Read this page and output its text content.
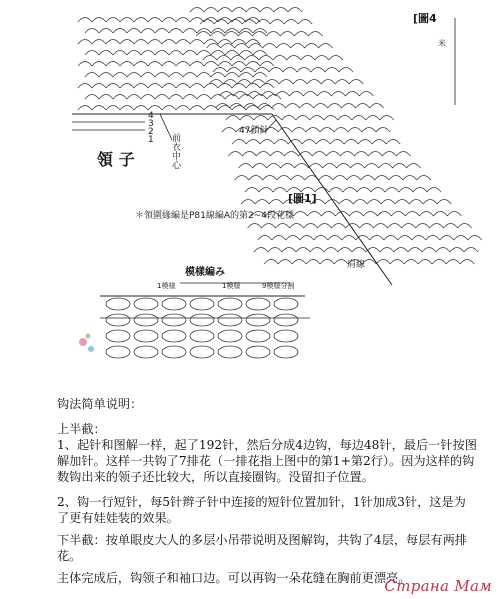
[圖4
米
領 子	前衣中心
47鎖針
4
3
2
1
[圖1]
＊領圍緣編是P81線編A的第2~4段花樣
肩線
模樣編み
1模様	1模様	9模様分割

钩法简单说明：

上半截：

1、起针和图解一样，起了192针，然后分成4边钩，每边48针，最后一针按图解加针。这样一共钩了7排花（一排花指上图中的第1+第2行）。因为这样的钩数钩出来的领子还比较大，所以直接圈钩。没留扣子位置。

2、钩一行短针，每5针辫子针中连接的短针位置加针，1针加成3针，这是为了更有娃娃装的效果。

下半截：按单眼皮大人的多层小吊带说明及图解钩，共钩了4层，每层有两排花。

主体完成后，钩领子和袖口边。可以再钩一朵花缝在胸前更漂亮。

Страна Мам
